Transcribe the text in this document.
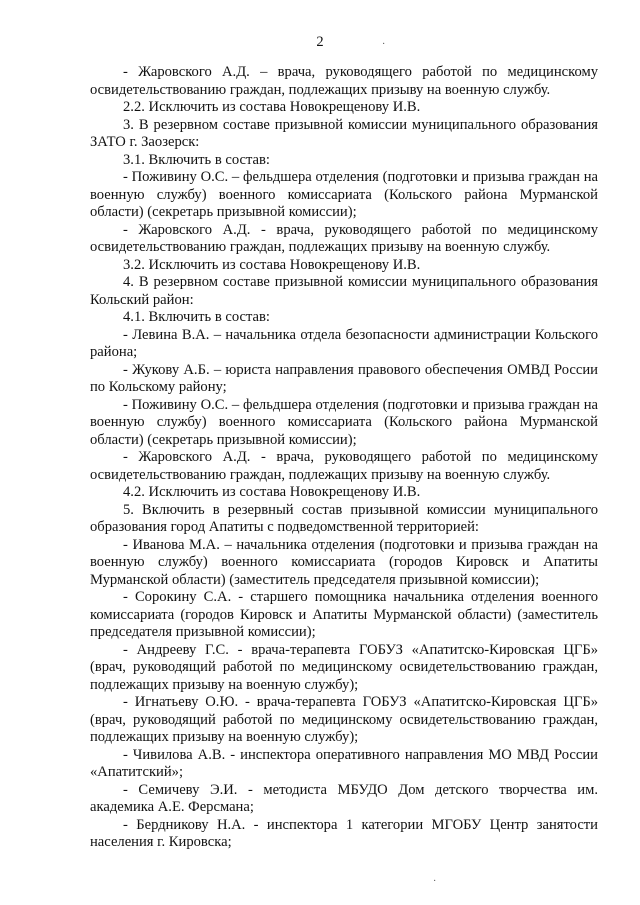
2

- Жаровского А.Д. – врача, руководящего работой по медицинскому освидетельствованию граждан, подлежащих призыву на военную службу.

2.2. Исключить из состава Новокрещенову И.В.

3. В резервном составе призывной комиссии муниципального образования ЗАТО г. Заозерск:

3.1. Включить в состав:

- Поживину О.С. – фельдшера отделения (подготовки и призыва граждан на военную службу) военного комиссариата (Кольского района Мурманской области) (секретарь призывной комиссии);

- Жаровского А.Д. - врача, руководящего работой по медицинскому освидетельствованию граждан, подлежащих призыву на военную службу.

3.2. Исключить из состава Новокрещенову И.В.

4. В резервном составе призывной комиссии муниципального образования Кольский район:

4.1. Включить в состав:

- Левина В.А. – начальника отдела безопасности администрации Кольского района;

- Жукову А.Б. – юриста направления правового обеспечения ОМВД России по Кольскому району;

- Поживину О.С. – фельдшера отделения (подготовки и призыва граждан на военную службу) военного комиссариата (Кольского района Мурманской области) (секретарь призывной комиссии);

- Жаровского А.Д. - врача, руководящего работой по медицинскому освидетельствованию граждан, подлежащих призыву на военную службу.

4.2. Исключить из состава Новокрещенову И.В.

5. Включить в резервный состав призывной комиссии муниципального образования город Апатиты с подведомственной территорией:

- Иванова М.А. – начальника отделения (подготовки и призыва граждан на военную службу) военного комиссариата (городов Кировск и Апатиты Мурманской области) (заместитель председателя призывной комиссии);

- Сорокину С.А. - старшего помощника начальника отделения военного комиссариата (городов Кировск и Апатиты Мурманской области) (заместитель председателя призывной комиссии);

- Андрееву Г.С. - врача-терапевта ГОБУЗ «Апатитско-Кировская ЦГБ» (врач, руководящий работой по медицинскому освидетельствованию граждан, подлежащих призыву на военную службу);

- Игнатьеву О.Ю. - врача-терапевта ГОБУЗ «Апатитско-Кировская ЦГБ» (врач, руководящий работой по медицинскому освидетельствованию граждан, подлежащих призыву на военную службу);

- Чивилова А.В. - инспектора оперативного направления МО МВД России «Апатитский»;

- Семичеву Э.И. - методиста МБУДО Дом детского творчества им. академика А.Е. Ферсмана;

- Бердникову Н.А. - инспектора 1 категории МГОБУ Центр занятости населения г. Кировска;

·
·
